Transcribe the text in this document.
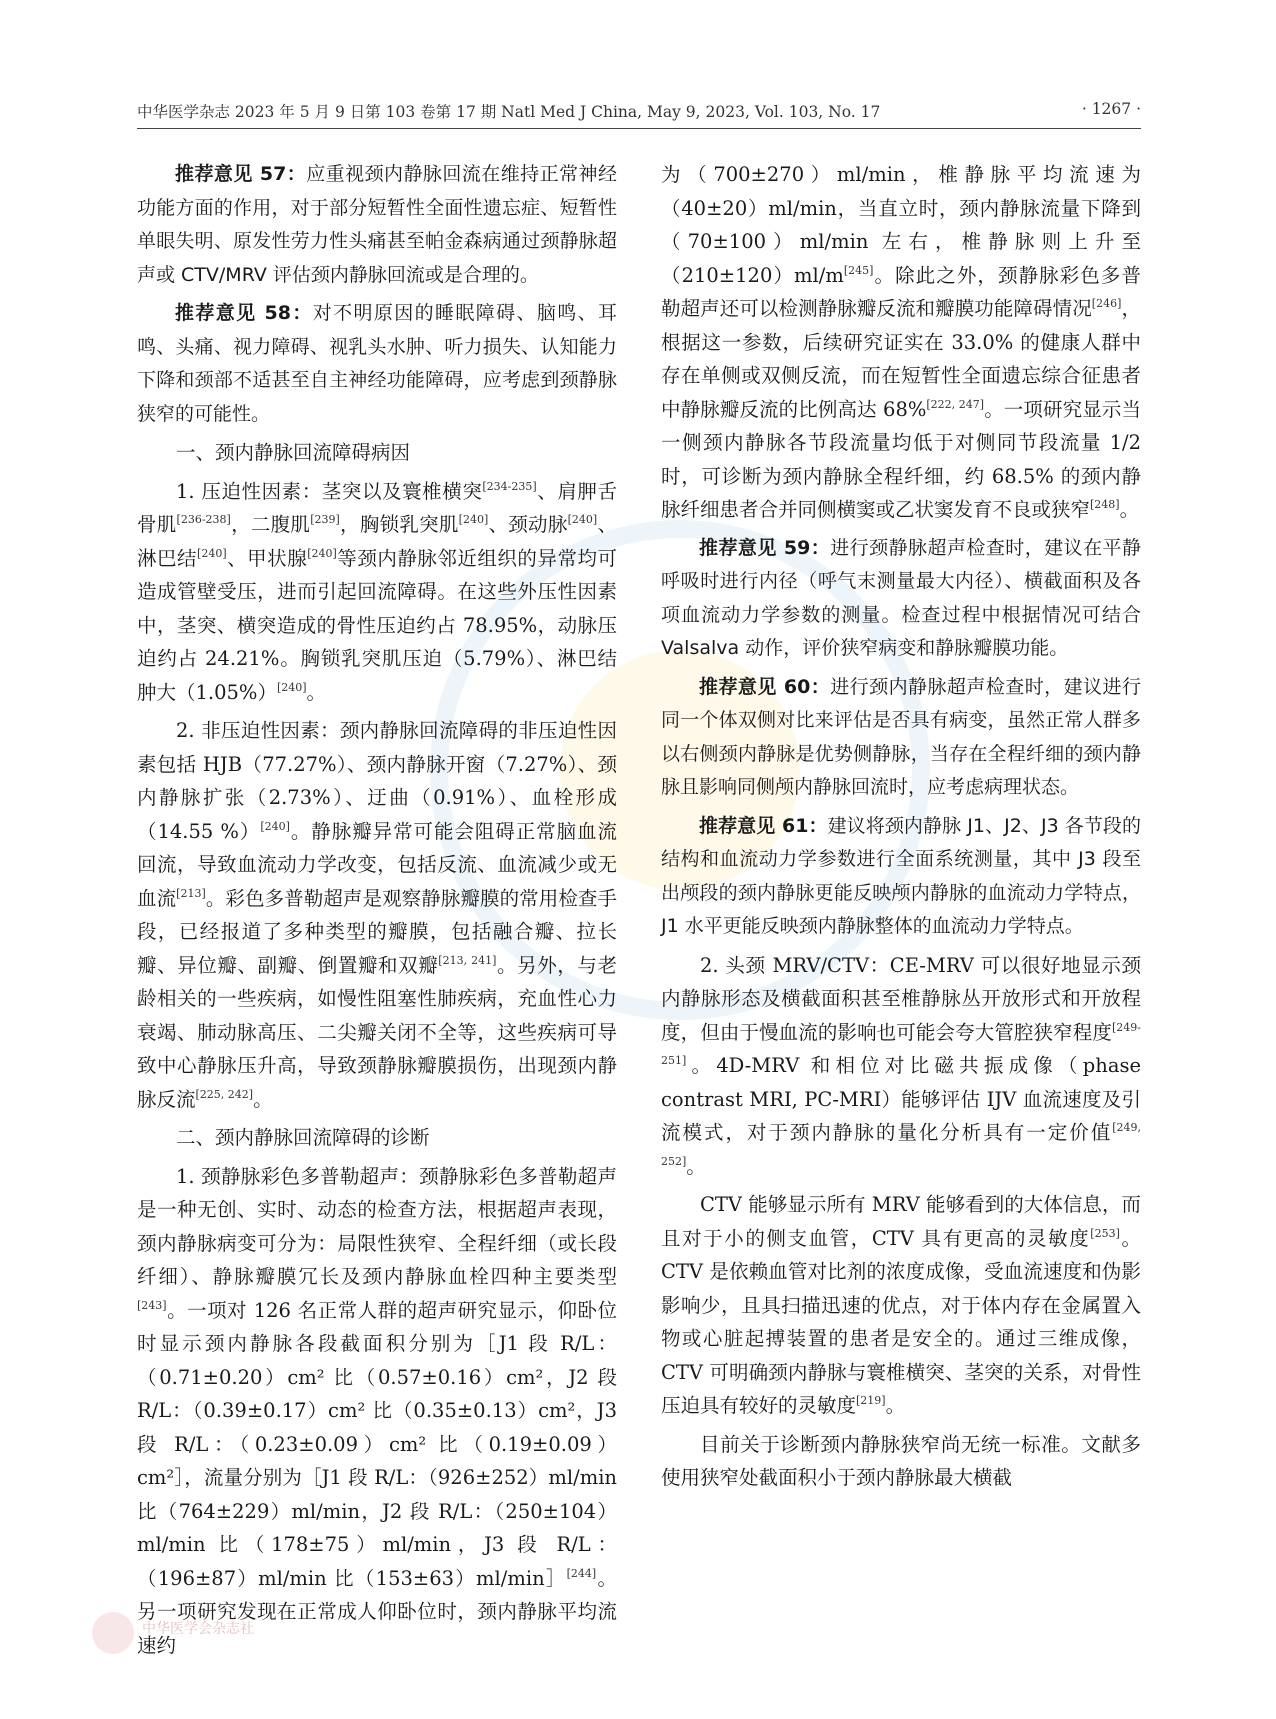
中华医学杂志 2023 年 5 月 9 日第 103 卷第 17 期 Natl Med J China, May 9, 2023, Vol. 103, No. 17	· 1267 ·

推荐意见 57：应重视颈内静脉回流在维持正常神经功能方面的作用，对于部分短暂性全面性遗忘症、短暂性单眼失明、原发性劳力性头痛甚至帕金森病通过颈静脉超声或 CTV/MRV 评估颈内静脉回流或是合理的。

推荐意见 58：对不明原因的睡眠障碍、脑鸣、耳鸣、头痛、视力障碍、视乳头水肿、听力损失、认知能力下降和颈部不适甚至自主神经功能障碍，应考虑到颈静脉狭窄的可能性。

一、颈内静脉回流障碍病因

1. 压迫性因素：茎突以及寰椎横突[234-235]、肩胛舌骨肌[236-238]，二腹肌[239]，胸锁乳突肌[240]、颈动脉[240]、淋巴结[240]、甲状腺[240]等颈内静脉邻近组织的异常均可造成管壁受压，进而引起回流障碍。在这些外压性因素中，茎突、横突造成的骨性压迫约占 78.95%，动脉压迫约占 24.21%。胸锁乳突肌压迫（5.79%）、淋巴结肿大（1.05%）[240]。

2. 非压迫性因素：颈内静脉回流障碍的非压迫性因素包括 HJB（77.27%）、颈内静脉开窗（7.27%）、颈内静脉扩张（2.73%）、迂曲（0.91%）、血栓形成（14.55 %）[240]。静脉瓣异常可能会阻碍正常脑血流回流，导致血流动力学改变，包括反流、血流减少或无血流[213]。彩色多普勒超声是观察静脉瓣膜的常用检查手段，已经报道了多种类型的瓣膜，包括融合瓣、拉长瓣、异位瓣、副瓣、倒置瓣和双瓣[213, 241]。另外，与老龄相关的一些疾病，如慢性阻塞性肺疾病，充血性心力衰竭、肺动脉高压、二尖瓣关闭不全等，这些疾病可导致中心静脉压升高，导致颈静脉瓣膜损伤，出现颈内静脉反流[225, 242]。

二、颈内静脉回流障碍的诊断

1. 颈静脉彩色多普勒超声：颈静脉彩色多普勒超声是一种无创、实时、动态的检查方法，根据超声表现，颈内静脉病变可分为：局限性狭窄、全程纤细（或长段纤细）、静脉瓣膜冗长及颈内静脉血栓四种主要类型[243]。一项对 126 名正常人群的超声研究显示，仰卧位时显示颈内静脉各段截面积分别为［J1 段 R/L：（0.71±0.20）cm² 比（0.57±0.16）cm²，J2 段 R/L：（0.39±0.17）cm² 比（0.35±0.13）cm²，J3 段 R/L：（0.23±0.09）cm² 比（0.19±0.09）cm²］，流量分别为［J1 段 R/L：（926±252）ml/min 比（764±229）ml/min，J2 段 R/L：（250±104）ml/min 比（178±75）ml/min，J3 段 R/L：（196±87）ml/min 比（153±63）ml/min］[244]。另一项研究发现在正常成人仰卧位时，颈内静脉平均流速约

为（700±270）ml/min，椎静脉平均流速为（40±20）ml/min，当直立时，颈内静脉流量下降到（70±100）ml/min 左右，椎静脉则上升至（210±120）ml/m[245]。除此之外，颈静脉彩色多普勒超声还可以检测静脉瓣反流和瓣膜功能障碍情况[246]，根据这一参数，后续研究证实在 33.0% 的健康人群中存在单侧或双侧反流，而在短暂性全面遗忘综合征患者中静脉瓣反流的比例高达 68%[222, 247]。一项研究显示当一侧颈内静脉各节段流量均低于对侧同节段流量 1/2 时，可诊断为颈内静脉全程纤细，约 68.5% 的颈内静脉纤细患者合并同侧横窦或乙状窦发育不良或狭窄[248]。

推荐意见 59：进行颈静脉超声检查时，建议在平静呼吸时进行内径（呼气末测量最大内径）、横截面积及各项血流动力学参数的测量。检查过程中根据情况可结合 Valsalva 动作，评价狭窄病变和静脉瓣膜功能。

推荐意见 60：进行颈内静脉超声检查时，建议进行同一个体双侧对比来评估是否具有病变，虽然正常人群多以右侧颈内静脉是优势侧静脉，当存在全程纤细的颈内静脉且影响同侧颅内静脉回流时，应考虑病理状态。

推荐意见 61：建议将颈内静脉 J1、J2、J3 各节段的结构和血流动力学参数进行全面系统测量，其中 J3 段至出颅段的颈内静脉更能反映颅内静脉的血流动力学特点，J1 水平更能反映颈内静脉整体的血流动力学特点。

2. 头颈 MRV/CTV：CE-MRV 可以很好地显示颈内静脉形态及横截面积甚至椎静脉丛开放形式和开放程度，但由于慢血流的影响也可能会夸大管腔狭窄程度[249-251]。4D-MRV 和相位对比磁共振成像（phase contrast MRI, PC-MRI）能够评估 IJV 血流速度及引流模式，对于颈内静脉的量化分析具有一定价值[249, 252]。

CTV 能够显示所有 MRV 能够看到的大体信息，而且对于小的侧支血管，CTV 具有更高的灵敏度[253]。CTV 是依赖血管对比剂的浓度成像，受血流速度和伪影影响少，且具扫描迅速的优点，对于体内存在金属置入物或心脏起搏装置的患者是安全的。通过三维成像，CTV 可明确颈内静脉与寰椎横突、茎突的关系，对骨性压迫具有较好的灵敏度[219]。

目前关于诊断颈内静脉狭窄尚无统一标准。文献多使用狭窄处截面积小于颈内静脉最大横截

中华医学会杂志社
